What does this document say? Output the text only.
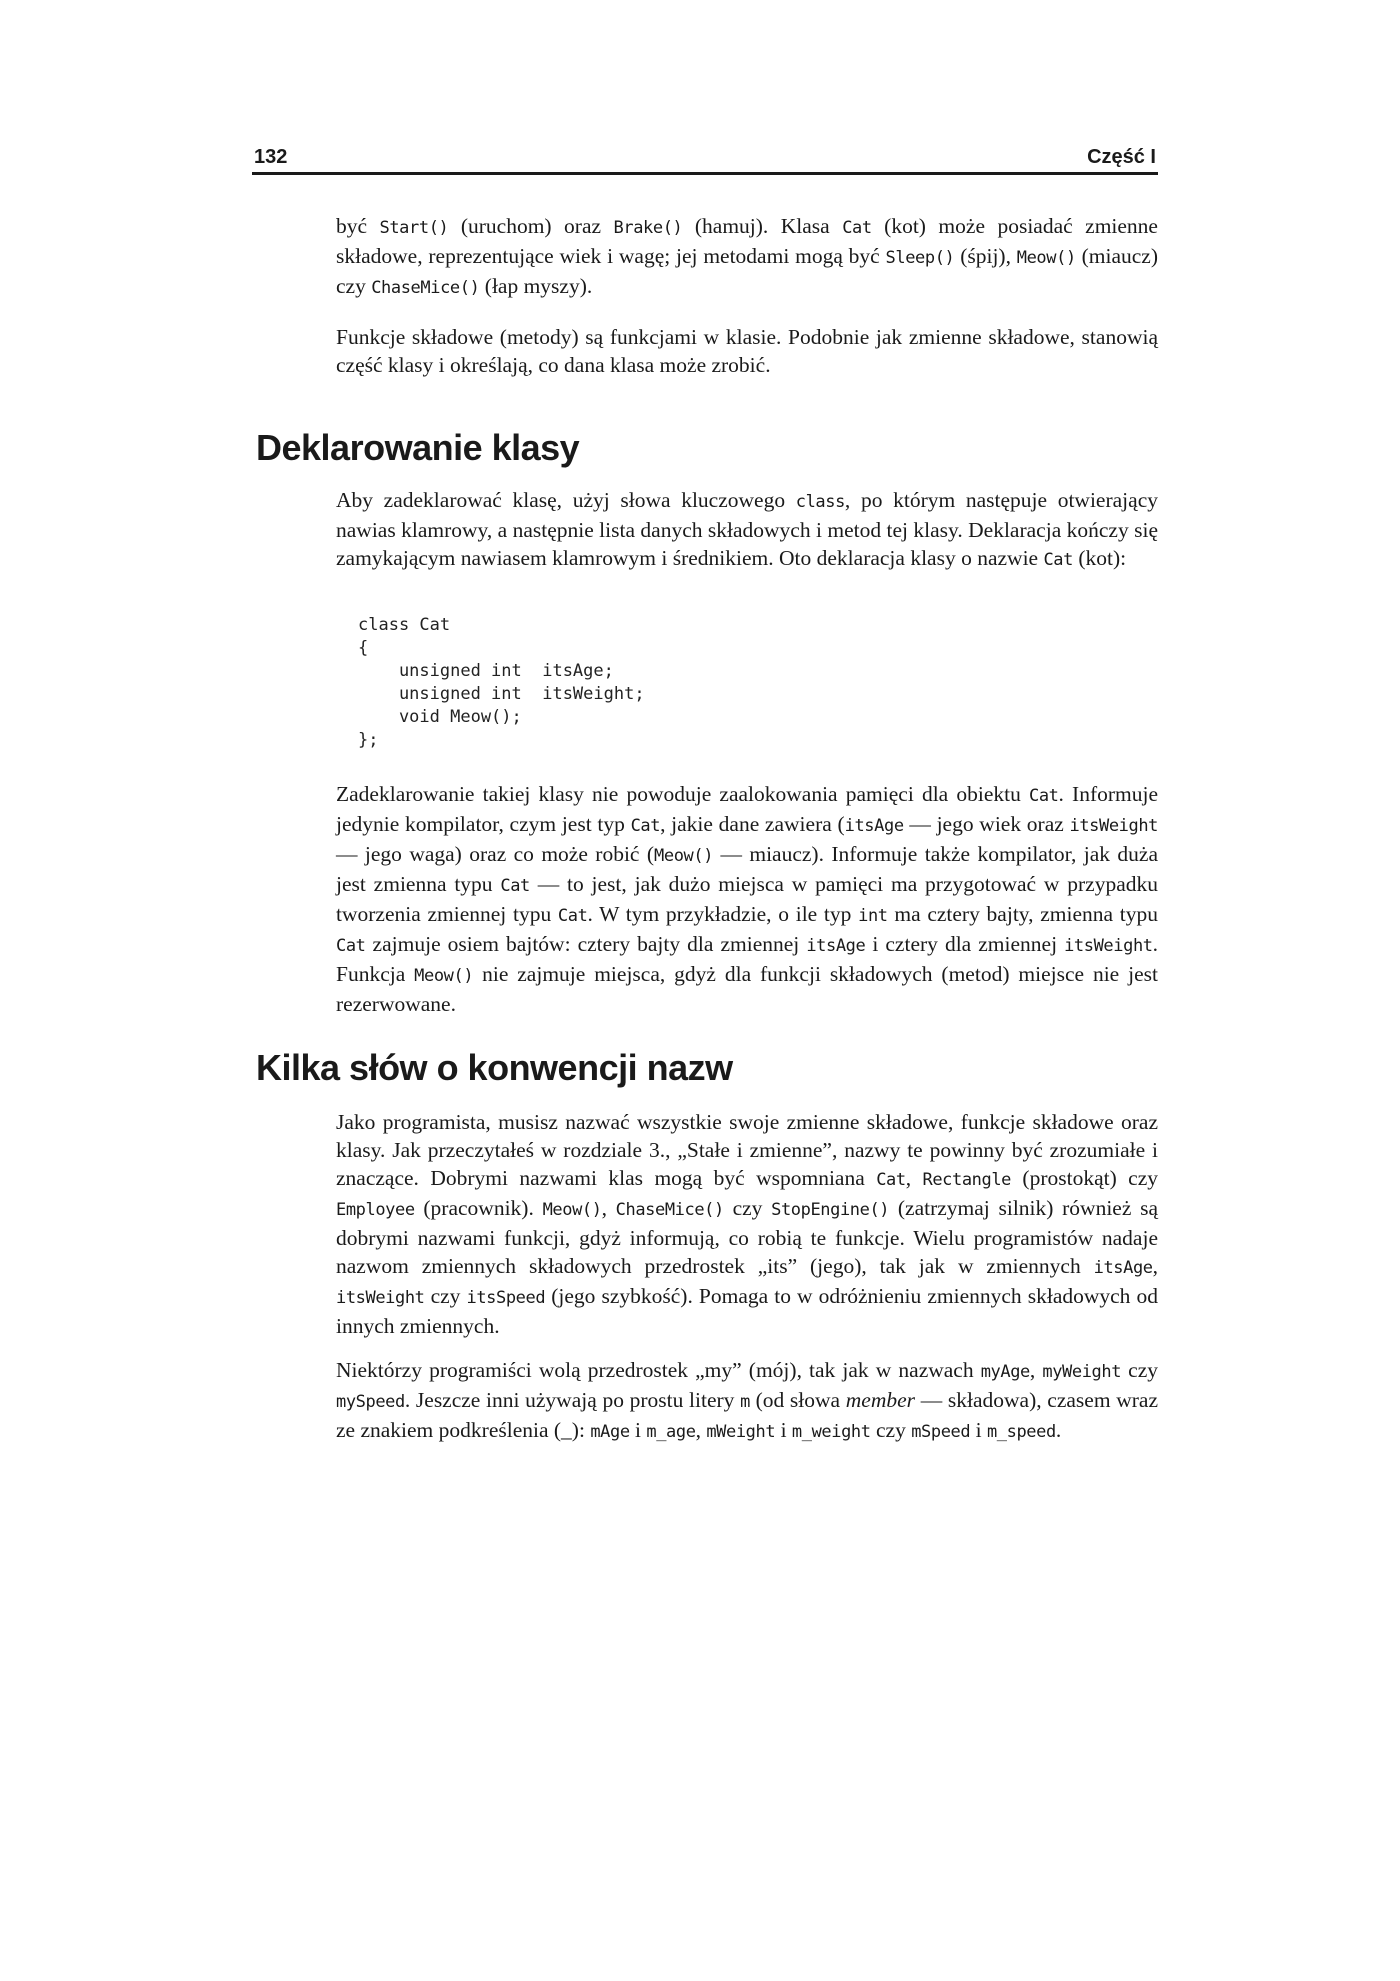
132	Część I

być Start() (uruchom) oraz Brake() (hamuj). Klasa Cat (kot) może posiadać zmienne składowe, reprezentujące wiek i wagę; jej metodami mogą być Sleep() (śpij), Meow() (miaucz) czy ChaseMice() (łap myszy).

Funkcje składowe (metody) są funkcjami w klasie. Podobnie jak zmienne składowe, stanowią część klasy i określają, co dana klasa może zrobić.

Deklarowanie klasy

Aby zadeklarować klasę, użyj słowa kluczowego class, po którym następuje otwierający nawias klamrowy, a następnie lista danych składowych i metod tej klasy. Deklaracja kończy się zamykającym nawiasem klamrowym i średnikiem. Oto deklaracja klasy o nazwie Cat (kot):

class Cat
{
unsigned int  itsAge;
unsigned int  itsWeight;
void Meow();
};

Zadeklarowanie takiej klasy nie powoduje zaalokowania pamięci dla obiektu Cat. Informuje jedynie kompilator, czym jest typ Cat, jakie dane zawiera (itsAge — jego wiek oraz itsWeight — jego waga) oraz co może robić (Meow() — miaucz). Informuje także kompilator, jak duża jest zmienna typu Cat — to jest, jak dużo miejsca w pamięci ma przygotować w przypadku tworzenia zmiennej typu Cat. W tym przykładzie, o ile typ int ma cztery bajty, zmienna typu Cat zajmuje osiem bajtów: cztery bajty dla zmiennej itsAge i cztery dla zmiennej itsWeight. Funkcja Meow() nie zajmuje miejsca, gdyż dla funkcji składowych (metod) miejsce nie jest rezerwowane.

Kilka słów o konwencji nazw

Jako programista, musisz nazwać wszystkie swoje zmienne składowe, funkcje składowe oraz klasy. Jak przeczytałeś w rozdziale 3., „Stałe i zmienne”, nazwy te powinny być zrozumiałe i znaczące. Dobrymi nazwami klas mogą być wspomniana Cat, Rectangle (prostokąt) czy Employee (pracownik). Meow(), ChaseMice() czy StopEngine() (zatrzymaj silnik) również są dobrymi nazwami funkcji, gdyż informują, co robią te funkcje. Wielu programistów nadaje nazwom zmiennych składowych przedrostek „its” (jego), tak jak w zmiennych itsAge, itsWeight czy itsSpeed (jego szybkość). Pomaga to w odróżnieniu zmiennych składowych od innych zmiennych.

Niektórzy programiści wolą przedrostek „my” (mój), tak jak w nazwach myAge, myWeight czy mySpeed. Jeszcze inni używają po prostu litery m (od słowa member — składowa), czasem wraz ze znakiem podkreślenia (_): mAge i m_age, mWeight i m_weight czy mSpeed i m_speed.
